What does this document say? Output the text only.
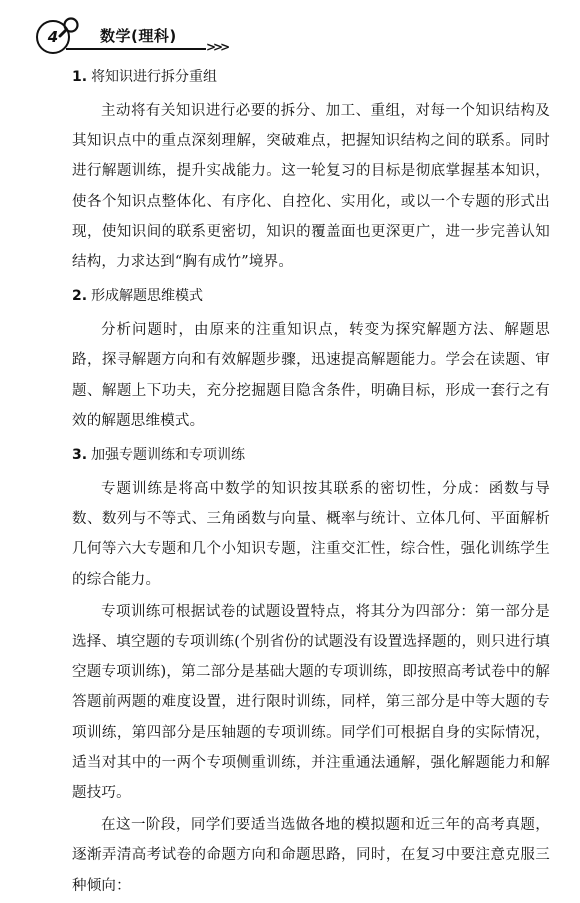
4	数学(理科)
>>>
1. 将知识进行拆分重组

主动将有关知识进行必要的拆分、加工、重组，对每一个知识结构及其知识点中的重点深刻理解，突破难点，把握知识结构之间的联系。同时进行解题训练，提升实战能力。这一轮复习的目标是彻底掌握基本知识，使各个知识点整体化、有序化、自控化、实用化，或以一个专题的形式出现，使知识间的联系更密切，知识的覆盖面也更深更广，进一步完善认知结构，力求达到“胸有成竹”境界。

2. 形成解题思维模式

分析问题时，由原来的注重知识点，转变为探究解题方法、解题思路，探寻解题方向和有效解题步骤，迅速提高解题能力。学会在读题、审题、解题上下功夫，充分挖掘题目隐含条件，明确目标，形成一套行之有效的解题思维模式。

3. 加强专题训练和专项训练

专题训练是将高中数学的知识按其联系的密切性，分成：函数与导数、数列与不等式、三角函数与向量、概率与统计、立体几何、平面解析几何等六大专题和几个小知识专题，注重交汇性，综合性，强化训练学生的综合能力。

专项训练可根据试卷的试题设置特点，将其分为四部分：第一部分是选择、填空题的专项训练(个别省份的试题没有设置选择题的，则只进行填空题专项训练)，第二部分是基础大题的专项训练，即按照高考试卷中的解答题前两题的难度设置，进行限时训练，同样，第三部分是中等大题的专项训练，第四部分是压轴题的专项训练。同学们可根据自身的实际情况，适当对其中的一两个专项侧重训练，并注重通法通解，强化解题能力和解题技巧。

在这一阶段，同学们要适当选做各地的模拟题和近三年的高考真题，逐渐弄清高考试卷的命题方向和命题思路，同时，在复习中要注意克服三种倾向：
